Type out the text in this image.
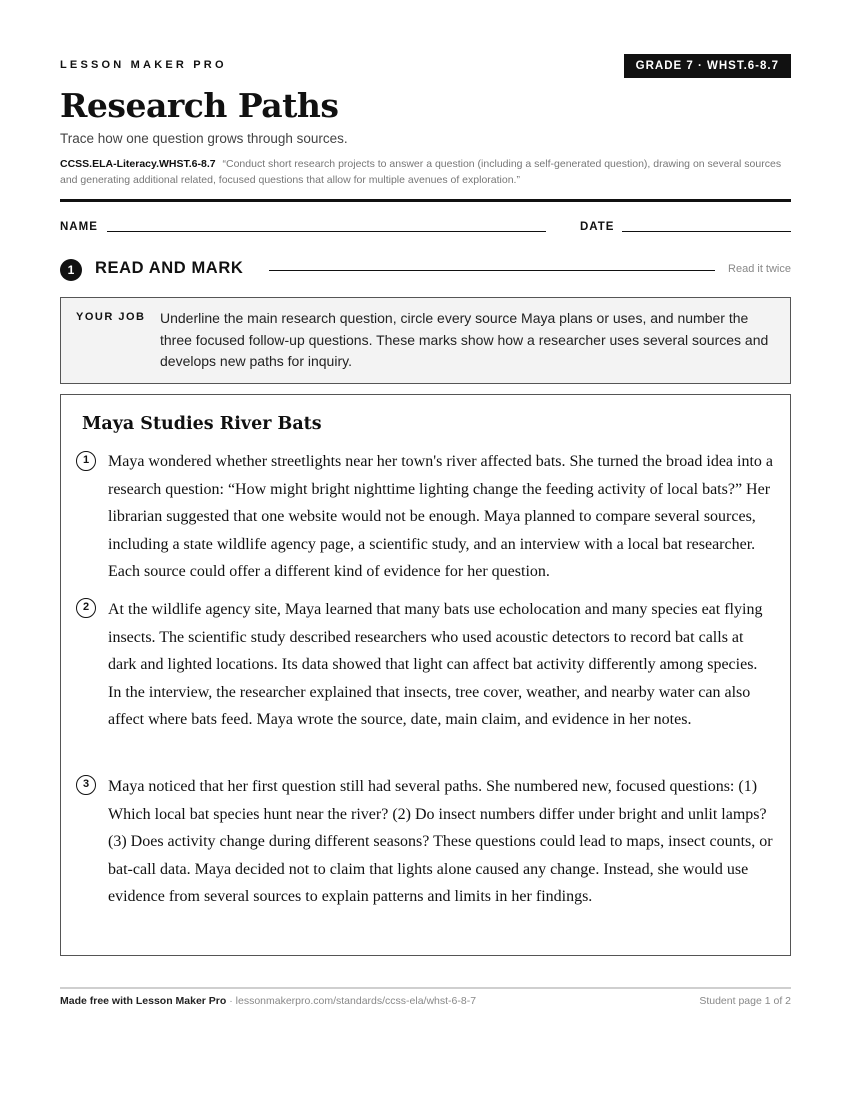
LESSON MAKER PRO	GRADE 7 · WHST.6-8.7
Research Paths
Trace how one question grows through sources.
CCSS.ELA-Literacy.WHST.6-8.7 “Conduct short research projects to answer a question (including a self-generated question), drawing on several sources and generating additional related, focused questions that allow for multiple avenues of exploration.”
NAME	DATE
1	READ AND MARK	Read it twice
YOUR JOB Underline the main research question, circle every source Maya plans or uses, and number the three focused follow-up questions. These marks show how a researcher uses several sources and develops new paths for inquiry.
Maya Studies River Bats
1	Maya wondered whether streetlights near her town's river affected bats. She turned the broad idea into a research question: “How might bright nighttime lighting change the feeding activity of local bats?” Her librarian suggested that one website would not be enough. Maya planned to compare several sources, including a state wildlife agency page, a scientific study, and an interview with a local bat researcher. Each source could offer a different kind of evidence for her question.

2	At the wildlife agency site, Maya learned that many bats use echolocation and many species eat flying insects. The scientific study described researchers who used acoustic detectors to record bat calls at dark and lighted locations. Its data showed that light can affect bat activity differently among species. In the interview, the researcher explained that insects, tree cover, weather, and nearby water can also affect where bats feed. Maya wrote the source, date, main claim, and evidence in her notes.

3	Maya noticed that her first question still had several paths. She numbered new, focused questions: (1) Which local bat species hunt near the river? (2) Do insect numbers differ under bright and unlit lamps? (3) Does activity change during different seasons? These questions could lead to maps, insect counts, or bat-call data. Maya decided not to claim that lights alone caused any change. Instead, she would use evidence from several sources to explain patterns and limits in her findings.

Made free with Lesson Maker Pro · lessonmakerpro.com/standards/ccss-ela/whst-6-8-7	Student page 1 of 2
